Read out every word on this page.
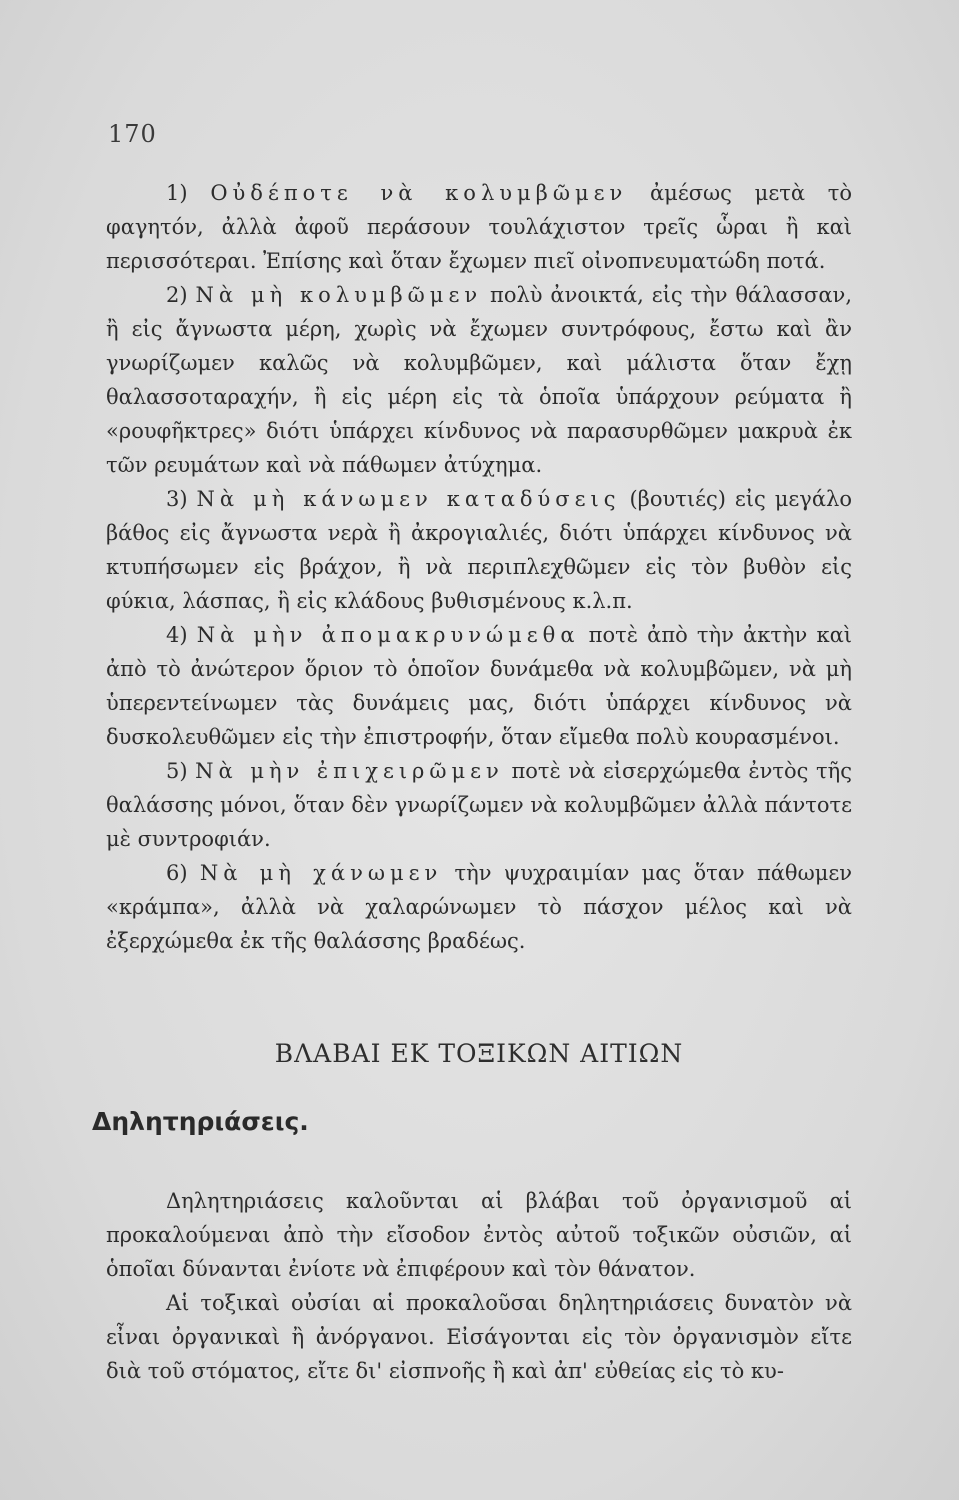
170

1) Οὐδέποτε νὰ κολυμβῶμεν ἀμέσως μετὰ τὸ φαγητόν, ἀλλὰ ἀφοῦ περάσουν τουλάχιστον τρεῖς ὧραι ἢ καὶ περισσότεραι. Ἐπίσης καὶ ὅταν ἔχωμεν πιεῖ οἰνοπνευματώδη ποτά.

2) Νὰ μὴ κολυμβῶμεν πολὺ ἀνοικτά, εἰς τὴν θάλασσαν, ἢ εἰς ἄγνωστα μέρη, χωρὶς νὰ ἔχωμεν συντρόφους, ἔστω καὶ ἂν γνωρίζωμεν καλῶς νὰ κολυμβῶμεν, καὶ μάλιστα ὅταν ἔχῃ θαλασσοταραχήν, ἢ εἰς μέρη εἰς τὰ ὁποῖα ὑπάρχουν ρεύματα ἢ «ρουφῆκτρες» διότι ὑπάρχει κίνδυνος νὰ παρασυρθῶμεν μακρυὰ ἐκ τῶν ρευμάτων καὶ νὰ πάθωμεν ἀτύχημα.

3) Νὰ μὴ κάνωμεν καταδύσεις (βουτιές) εἰς μεγάλο βάθος εἰς ἄγνωστα νερὰ ἢ ἀκρογιαλιές, διότι ὑπάρχει κίνδυνος νὰ κτυπήσωμεν εἰς βράχον, ἢ νὰ περιπλεχθῶμεν εἰς τὸν βυθὸν εἰς φύκια, λάσπας, ἢ εἰς κλάδους βυθισμένους κ.λ.π.

4) Νὰ μὴν ἀπομακρυνώμεθα ποτὲ ἀπὸ τὴν ἀκτὴν καὶ ἀπὸ τὸ ἀνώτερον ὅριον τὸ ὁποῖον δυνάμεθα νὰ κολυμβῶμεν, νὰ μὴ ὑπερεντείνωμεν τὰς δυνάμεις μας, διότι ὑπάρχει κίνδυνος νὰ δυσκολευθῶμεν εἰς τὴν ἐπιστροφήν, ὅταν εἴμεθα πολὺ κουρασμένοι.

5) Νὰ μὴν ἐπιχειρῶμεν ποτὲ νὰ εἰσερχώμεθα ἐντὸς τῆς θαλάσσης μόνοι, ὅταν δὲν γνωρίζωμεν νὰ κολυμβῶμεν ἀλλὰ πάντοτε μὲ συντροφιάν.

6) Νὰ μὴ χάνωμεν τὴν ψυχραιμίαν μας ὅταν πάθωμεν «κράμπα», ἀλλὰ νὰ χαλαρώνωμεν τὸ πάσχον μέλος καὶ νὰ ἐξερχώμεθα ἐκ τῆς θαλάσσης βραδέως.

ΒΛΑΒΑΙ ΕΚ ΤΟΞΙΚΩΝ ΑΙΤΙΩΝ
Δηλητηριάσεις.

Δηλητηριάσεις καλοῦνται αἱ βλάβαι τοῦ ὀργανισμοῦ αἱ προκαλούμεναι ἀπὸ τὴν εἴσοδον ἐντὸς αὐτοῦ τοξικῶν οὐσιῶν, αἱ ὁποῖαι δύνανται ἐνίοτε νὰ ἐπιφέρουν καὶ τὸν θάνατον.

Αἱ τοξικαὶ οὐσίαι αἱ προκαλοῦσαι δηλητηριάσεις δυνατὸν νὰ εἶναι ὀργανικαὶ ἢ ἀνόργανοι. Εἰσάγονται εἰς τὸν ὀργανισμὸν εἴτε διὰ τοῦ στόματος, εἴτε δι' εἰσπνοῆς ἢ καὶ ἀπ' εὐθείας εἰς τὸ κυ-
